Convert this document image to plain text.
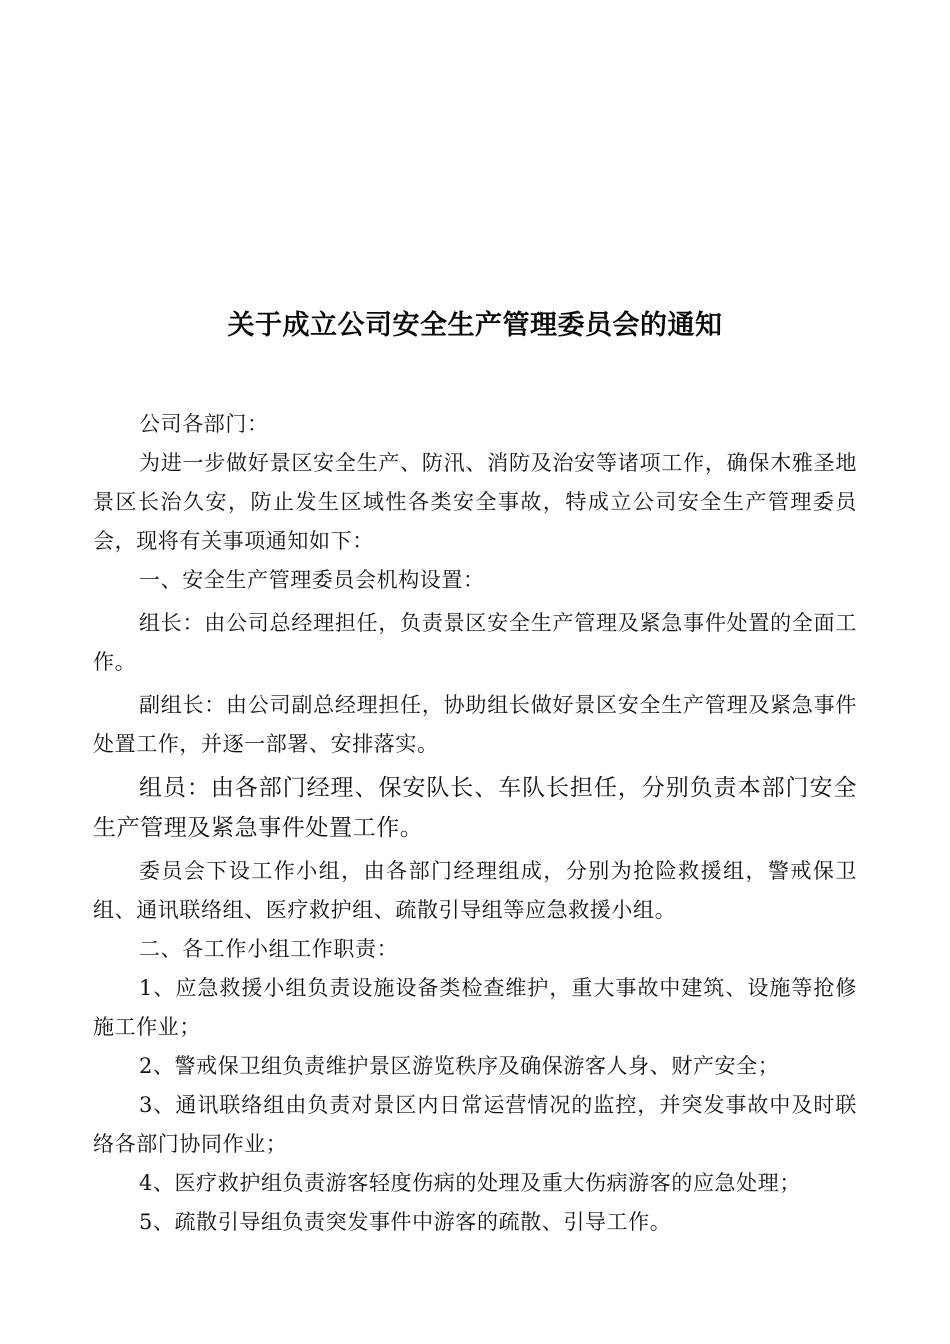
关于成立公司安全生产管理委员会的通知

公司各部门：

为进一步做好景区安全生产、防汛、消防及治安等诸项工作，确保木雅圣地景区长治久安，防止发生区域性各类安全事故，特成立公司安全生产管理委员会，现将有关事项通知如下：

一、安全生产管理委员会机构设置：

组长：由公司总经理担任，负责景区安全生产管理及紧急事件处置的全面工作。

副组长：由公司副总经理担任，协助组长做好景区安全生产管理及紧急事件处置工作，并逐一部署、安排落实。

组员：由各部门经理、保安队长、车队长担任，分别负责本部门安全生产管理及紧急事件处置工作。

委员会下设工作小组，由各部门经理组成，分别为抢险救援组，警戒保卫组、通讯联络组、医疗救护组、疏散引导组等应急救援小组。

二、各工作小组工作职责：

1、应急救援小组负责设施设备类检查维护，重大事故中建筑、设施等抢修施工作业；

2、警戒保卫组负责维护景区游览秩序及确保游客人身、财产安全；

3、通讯联络组由负责对景区内日常运营情况的监控，并突发事故中及时联络各部门协同作业；

4、医疗救护组负责游客轻度伤病的处理及重大伤病游客的应急处理；

5、疏散引导组负责突发事件中游客的疏散、引导工作。
